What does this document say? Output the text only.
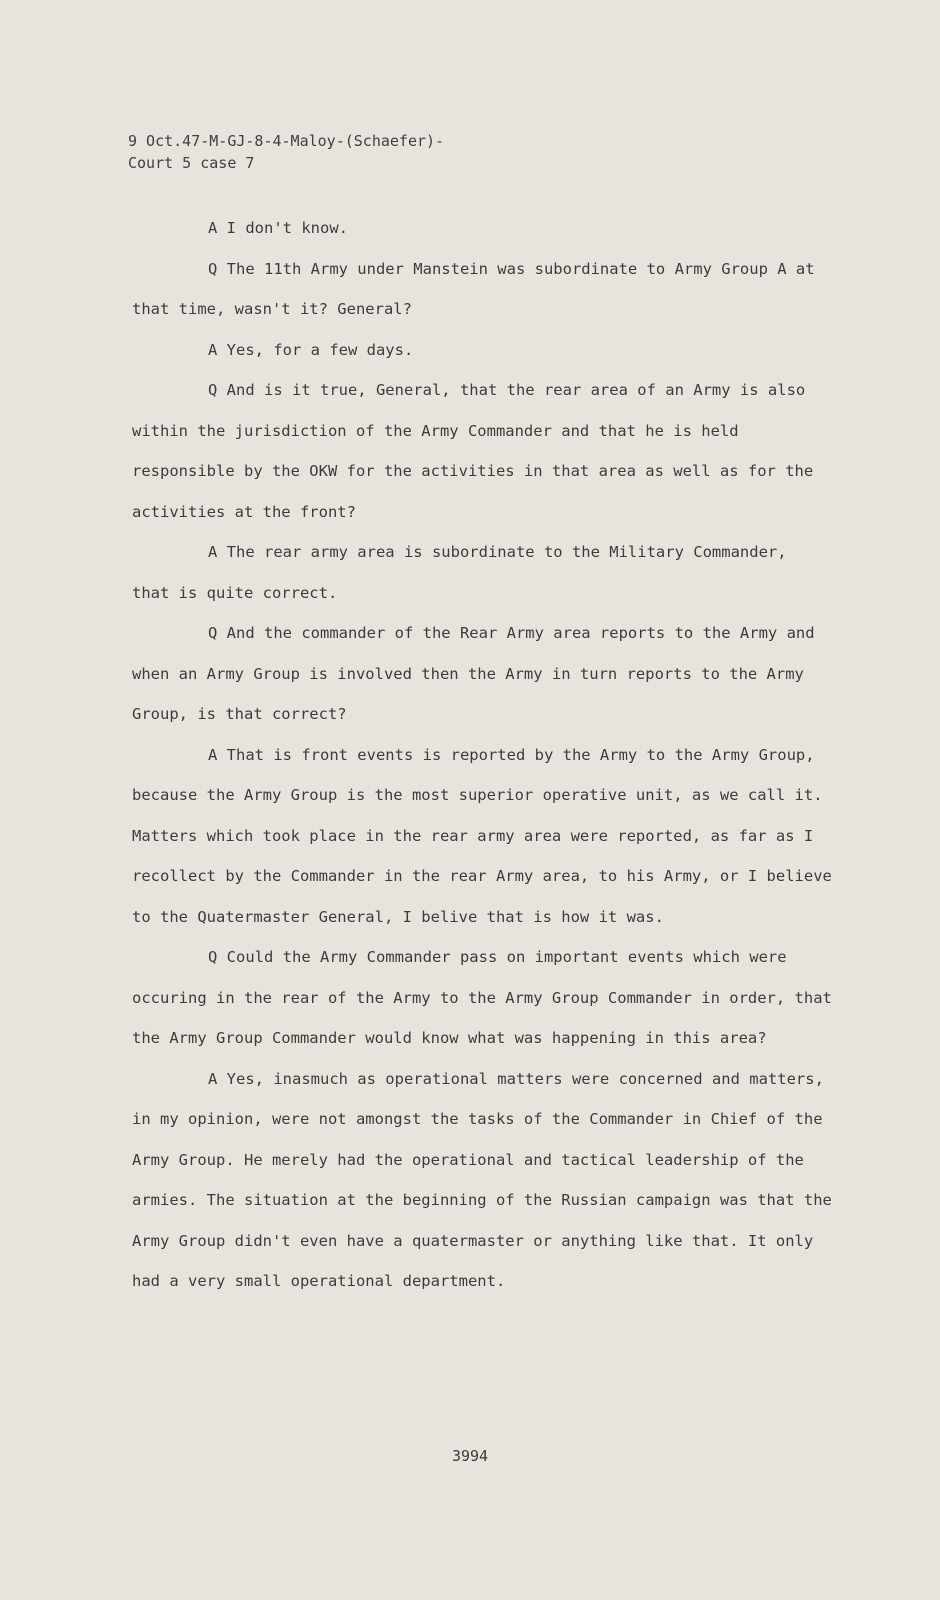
9 Oct.47-M-GJ-8-4-Maloy-(Schaefer)-
Court 5 case 7

A I don't know.

Q The 11th Army under Manstein was subordinate to Army Group A at that time, wasn't it? General?

A Yes, for a few days.

Q And is it true, General, that the rear area of an Army is also within the jurisdiction of the Army Commander and that he is held responsible by the OKW for the activities in that area as well as for the activities at the front?

A The rear army area is subordinate to the Military Commander, that is quite correct.

Q And the commander of the Rear Army area reports to the Army and when an Army Group is involved then the Army in turn reports to the Army Group, is that correct?

A That is front events is reported by the Army to the Army Group, because the Army Group is the most superior operative unit, as we call it. Matters which took place in the rear army area were reported, as far as I recollect by the Commander in the rear Army area, to his Army, or I believe to the Quatermaster General, I belive that is how it was.

Q Could the Army Commander pass on important events which were occuring in the rear of the Army to the Army Group Commander in order, that the Army Group Commander would know what was happening in this area?

A Yes, inasmuch as operational matters were concerned and matters, in my opinion, were not amongst the tasks of the Commander in Chief of the Army Group. He merely had the operational and tactical leadership of the armies. The situation at the beginning of the Russian campaign was that the Army Group didn't even have a quatermaster or anything like that. It only had a very small operational department.

3994
